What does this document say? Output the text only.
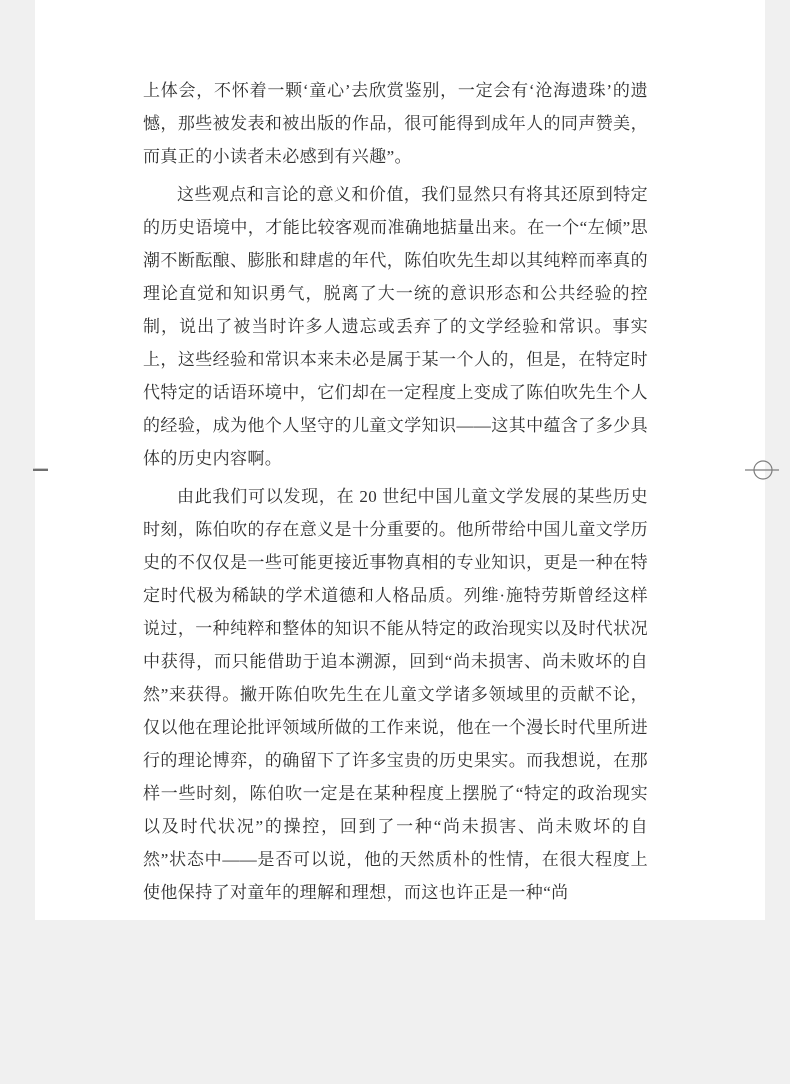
上体会，不怀着一颗‘童心’去欣赏鉴别，一定会有‘沧海遗珠’的遗憾，那些被发表和被出版的作品，很可能得到成年人的同声赞美，而真正的小读者未必感到有兴趣”。

这些观点和言论的意义和价值，我们显然只有将其还原到特定的历史语境中，才能比较客观而准确地掂量出来。在一个“左倾”思潮不断酝酿、膨胀和肆虐的年代，陈伯吹先生却以其纯粹而率真的理论直觉和知识勇气，脱离了大一统的意识形态和公共经验的控制，说出了被当时许多人遗忘或丢弃了的文学经验和常识。事实上，这些经验和常识本来未必是属于某一个人的，但是，在特定时代特定的话语环境中，它们却在一定程度上变成了陈伯吹先生个人的经验，成为他个人坚守的儿童文学知识——这其中蕴含了多少具体的历史内容啊。

由此我们可以发现，在 20 世纪中国儿童文学发展的某些历史时刻，陈伯吹的存在意义是十分重要的。他所带给中国儿童文学历史的不仅仅是一些可能更接近事物真相的专业知识，更是一种在特定时代极为稀缺的学术道德和人格品质。列维·施特劳斯曾经这样说过，一种纯粹和整体的知识不能从特定的政治现实以及时代状况中获得，而只能借助于追本溯源，回到“尚未损害、尚未败坏的自然”来获得。撇开陈伯吹先生在儿童文学诸多领域里的贡献不论，仅以他在理论批评领域所做的工作来说，他在一个漫长时代里所进行的理论博弈，的确留下了许多宝贵的历史果实。而我想说，在那样一些时刻，陈伯吹一定是在某种程度上摆脱了“特定的政治现实以及时代状况”的操控，回到了一种“尚未损害、尚未败坏的自然”状态中——是否可以说，他的天然质朴的性情，在很大程度上使他保持了对童年的理解和理想，而这也许正是一种“尚
